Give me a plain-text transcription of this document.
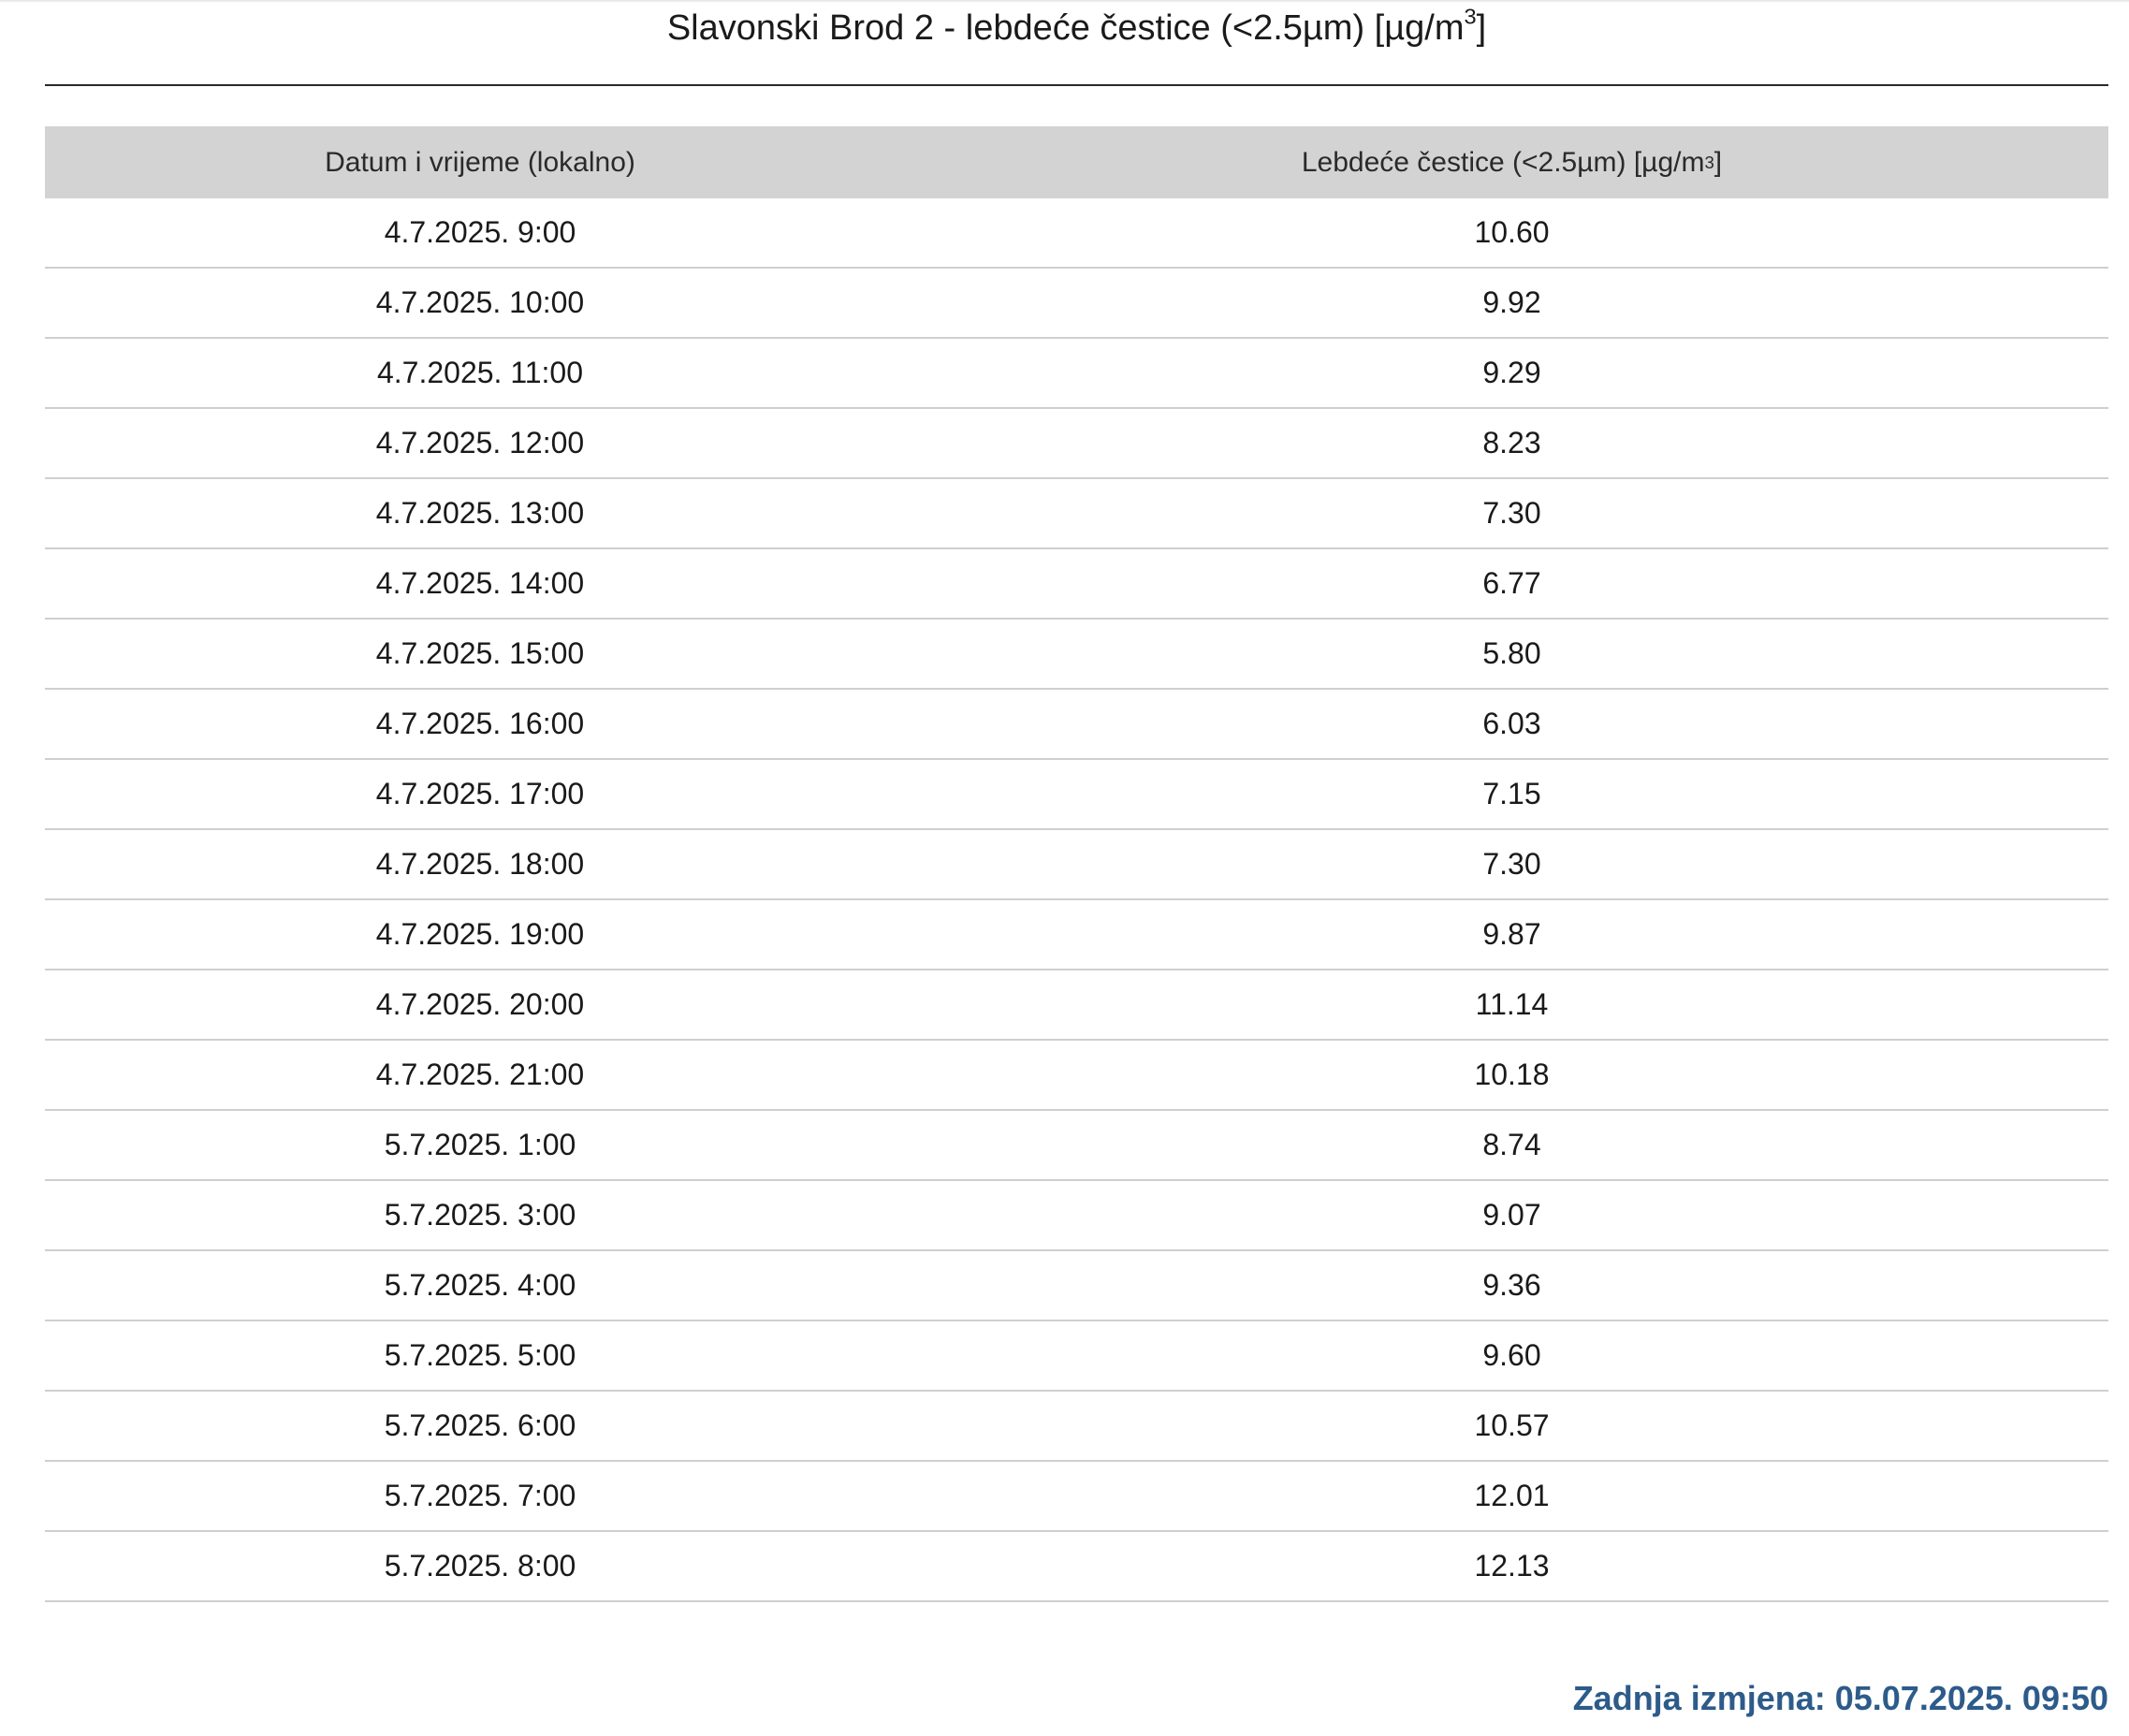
Slavonski Brod 2 - lebdeće čestice (<2.5µm) $[\mu g/m^3]$
Datum i vrijeme (lokalno)	Lebdeće čestice (<2.5µm) [µg/m 3 ]
4.7.2025. 9:00	10.60
4.7.2025. 10:00	9.92
4.7.2025. 11:00	9.29
4.7.2025. 12:00	8.23
4.7.2025. 13:00	7.30
4.7.2025. 14:00	6.77
4.7.2025. 15:00	5.80
4.7.2025. 16:00	6.03
4.7.2025. 17:00	7.15
4.7.2025. 18:00	7.30
4.7.2025. 19:00	9.87
4.7.2025. 20:00	11.14
4.7.2025. 21:00	10.18
5.7.2025. 1:00	8.74
5.7.2025. 3:00	9.07
5.7.2025. 4:00	9.36
5.7.2025. 5:00	9.60
5.7.2025. 6:00	10.57
5.7.2025. 7:00	12.01
5.7.2025. 8:00	12.13
Zadnja izmjena: 05.07.2025. 09:50
